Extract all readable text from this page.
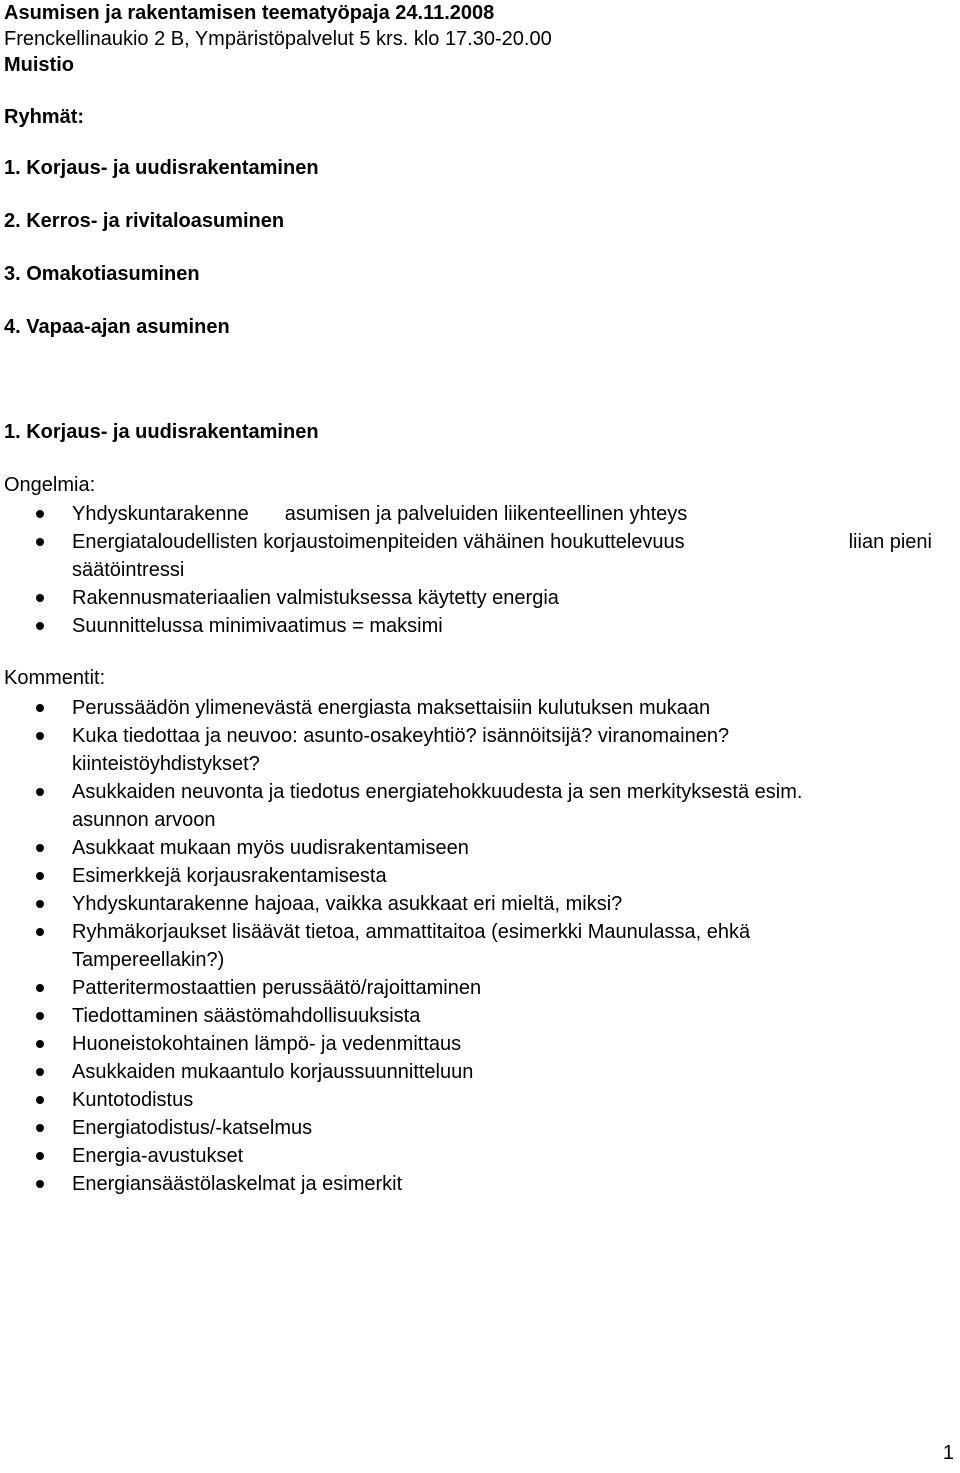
Asumisen ja rakentamisen teematyöpaja 24.11.2008
Frenckellinaukio 2 B, Ympäristöpalvelut 5 krs. klo 17.30-20.00
Muistio
Ryhmät:
1. Korjaus- ja uudisrakentaminen
2. Kerros- ja rivitaloasuminen
3. Omakotiasuminen
4. Vapaa-ajan asuminen
1. Korjaus- ja uudisrakentaminen
Ongelmia:
Yhdyskuntarakenne asumisen ja palveluiden liikenteellinen yhteys
liian pieni
Energiataloudellisten korjaustoimenpiteiden vähäinen houkuttelevuus
säätöintressi
Rakennusmateriaalien valmistuksessa käytetty energia
Suunnittelussa minimivaatimus = maksimi
Kommentit:
Perussäädön ylimenevästä energiasta maksettaisiin kulutuksen mukaan
Kuka tiedottaa ja neuvoo: asunto-osakeyhtiö? isännöitsijä? viranomainen? kiinteistöyhdistykset?
Asukkaiden neuvonta ja tiedotus energiatehokkuudesta ja sen merkityksestä esim. asunnon arvoon
Asukkaat mukaan myös uudisrakentamiseen
Esimerkkejä korjausrakentamisesta
Yhdyskuntarakenne hajoaa, vaikka asukkaat eri mieltä, miksi?
Ryhmäkorjaukset lisäävät tietoa, ammattitaitoa (esimerkki Maunulassa, ehkä Tampereellakin?)
Patteritermostaattien perussäätö/rajoittaminen
Tiedottaminen säästömahdollisuuksista
Huoneistokohtainen lämpö- ja vedenmittaus
Asukkaiden mukaantulo korjaussuunnitteluun
Kuntotodistus
Energiatodistus/-katselmus
Energia-avustukset
Energiansäästölaskelmat ja esimerkit
1
